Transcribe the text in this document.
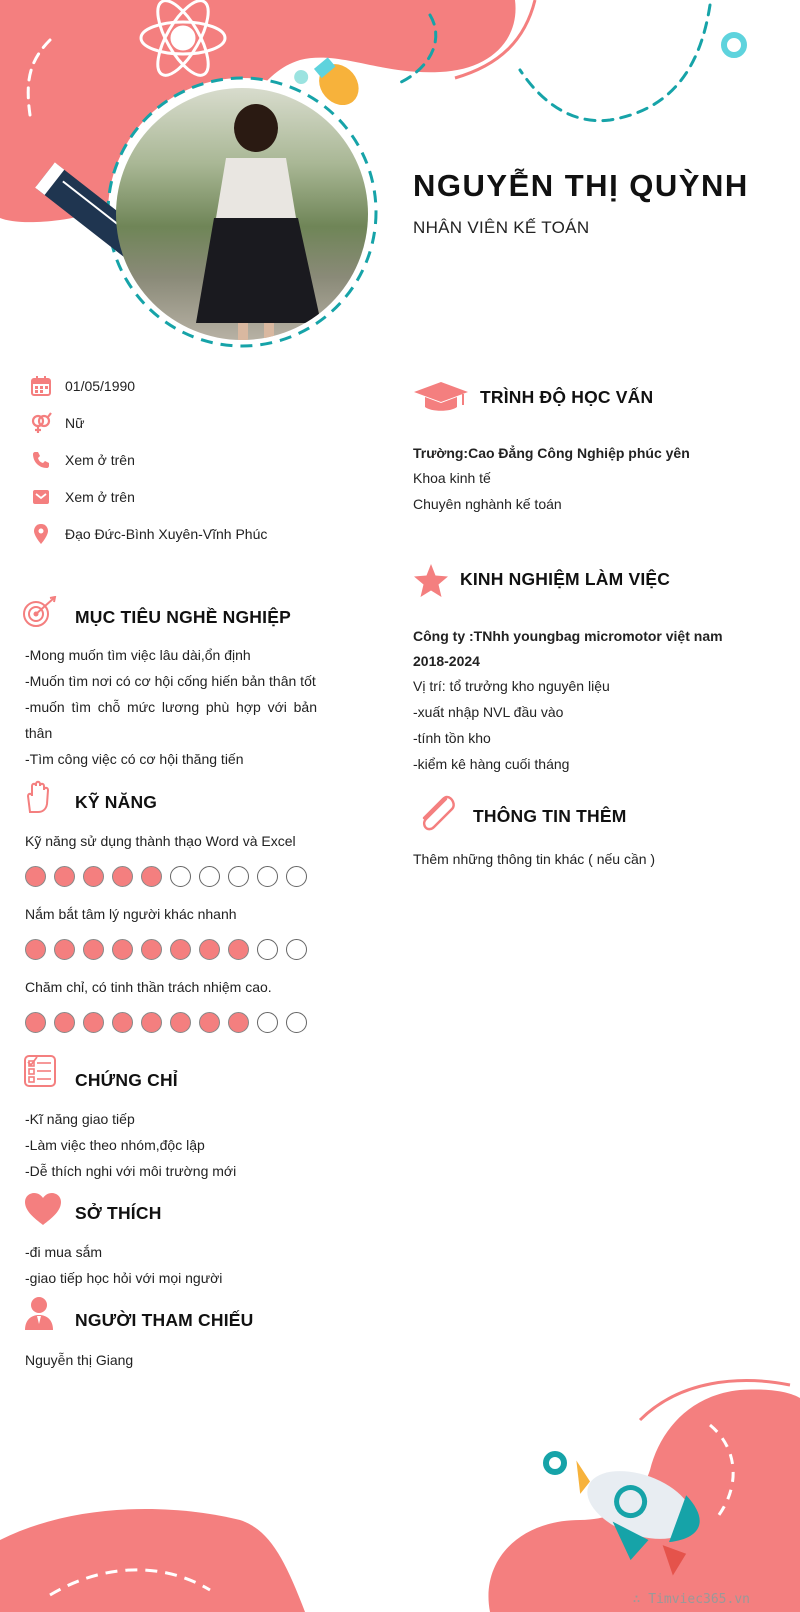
NGUYỄN THỊ QUỲNH
NHÂN VIÊN KẾ TOÁN
01/05/1990
Nữ
Xem ở trên
Xem ở trên
Đạo Đức-Bình Xuyên-Vĩnh Phúc
MỤC TIÊU NGHỀ NGHIỆP
-Mong muốn tìm việc lâu dài,ổn định
-Muốn tìm nơi có cơ hội cống hiến bản thân tốt
-muốn tìm chỗ mức lương phù hợp với bản
thân
-Tìm công việc có cơ hội thăng tiến
KỸ NĂNG
Kỹ năng sử dụng thành thạo Word và Excel
Nắm bắt tâm lý người khác nhanh
Chăm chỉ, có tinh thần trách nhiệm cao.
CHỨNG CHỈ
-Kĩ năng giao tiếp
-Làm việc theo nhóm,độc lập
-Dễ thích nghi với môi trường mới
SỞ THÍCH
-đi mua sắm
-giao tiếp học hỏi với mọi người
NGƯỜI THAM CHIẾU
Nguyễn thị Giang
TRÌNH ĐỘ HỌC VẤN
Trường:Cao Đẳng Công Nghiệp phúc yên
Khoa kinh tế
Chuyên nghành kế toán
KINH NGHIỆM LÀM VIỆC
Công ty :TNhh youngbag micromotor việt nam
2018-2024
Vị trí: tổ trưởng kho nguyên liệu
-xuất nhập NVL đầu vào
-tính tồn kho
-kiểm kê hàng cuối tháng
THÔNG TIN THÊM
Thêm những thông tin khác ( nếu cần )
∴ Timviec365.vn
